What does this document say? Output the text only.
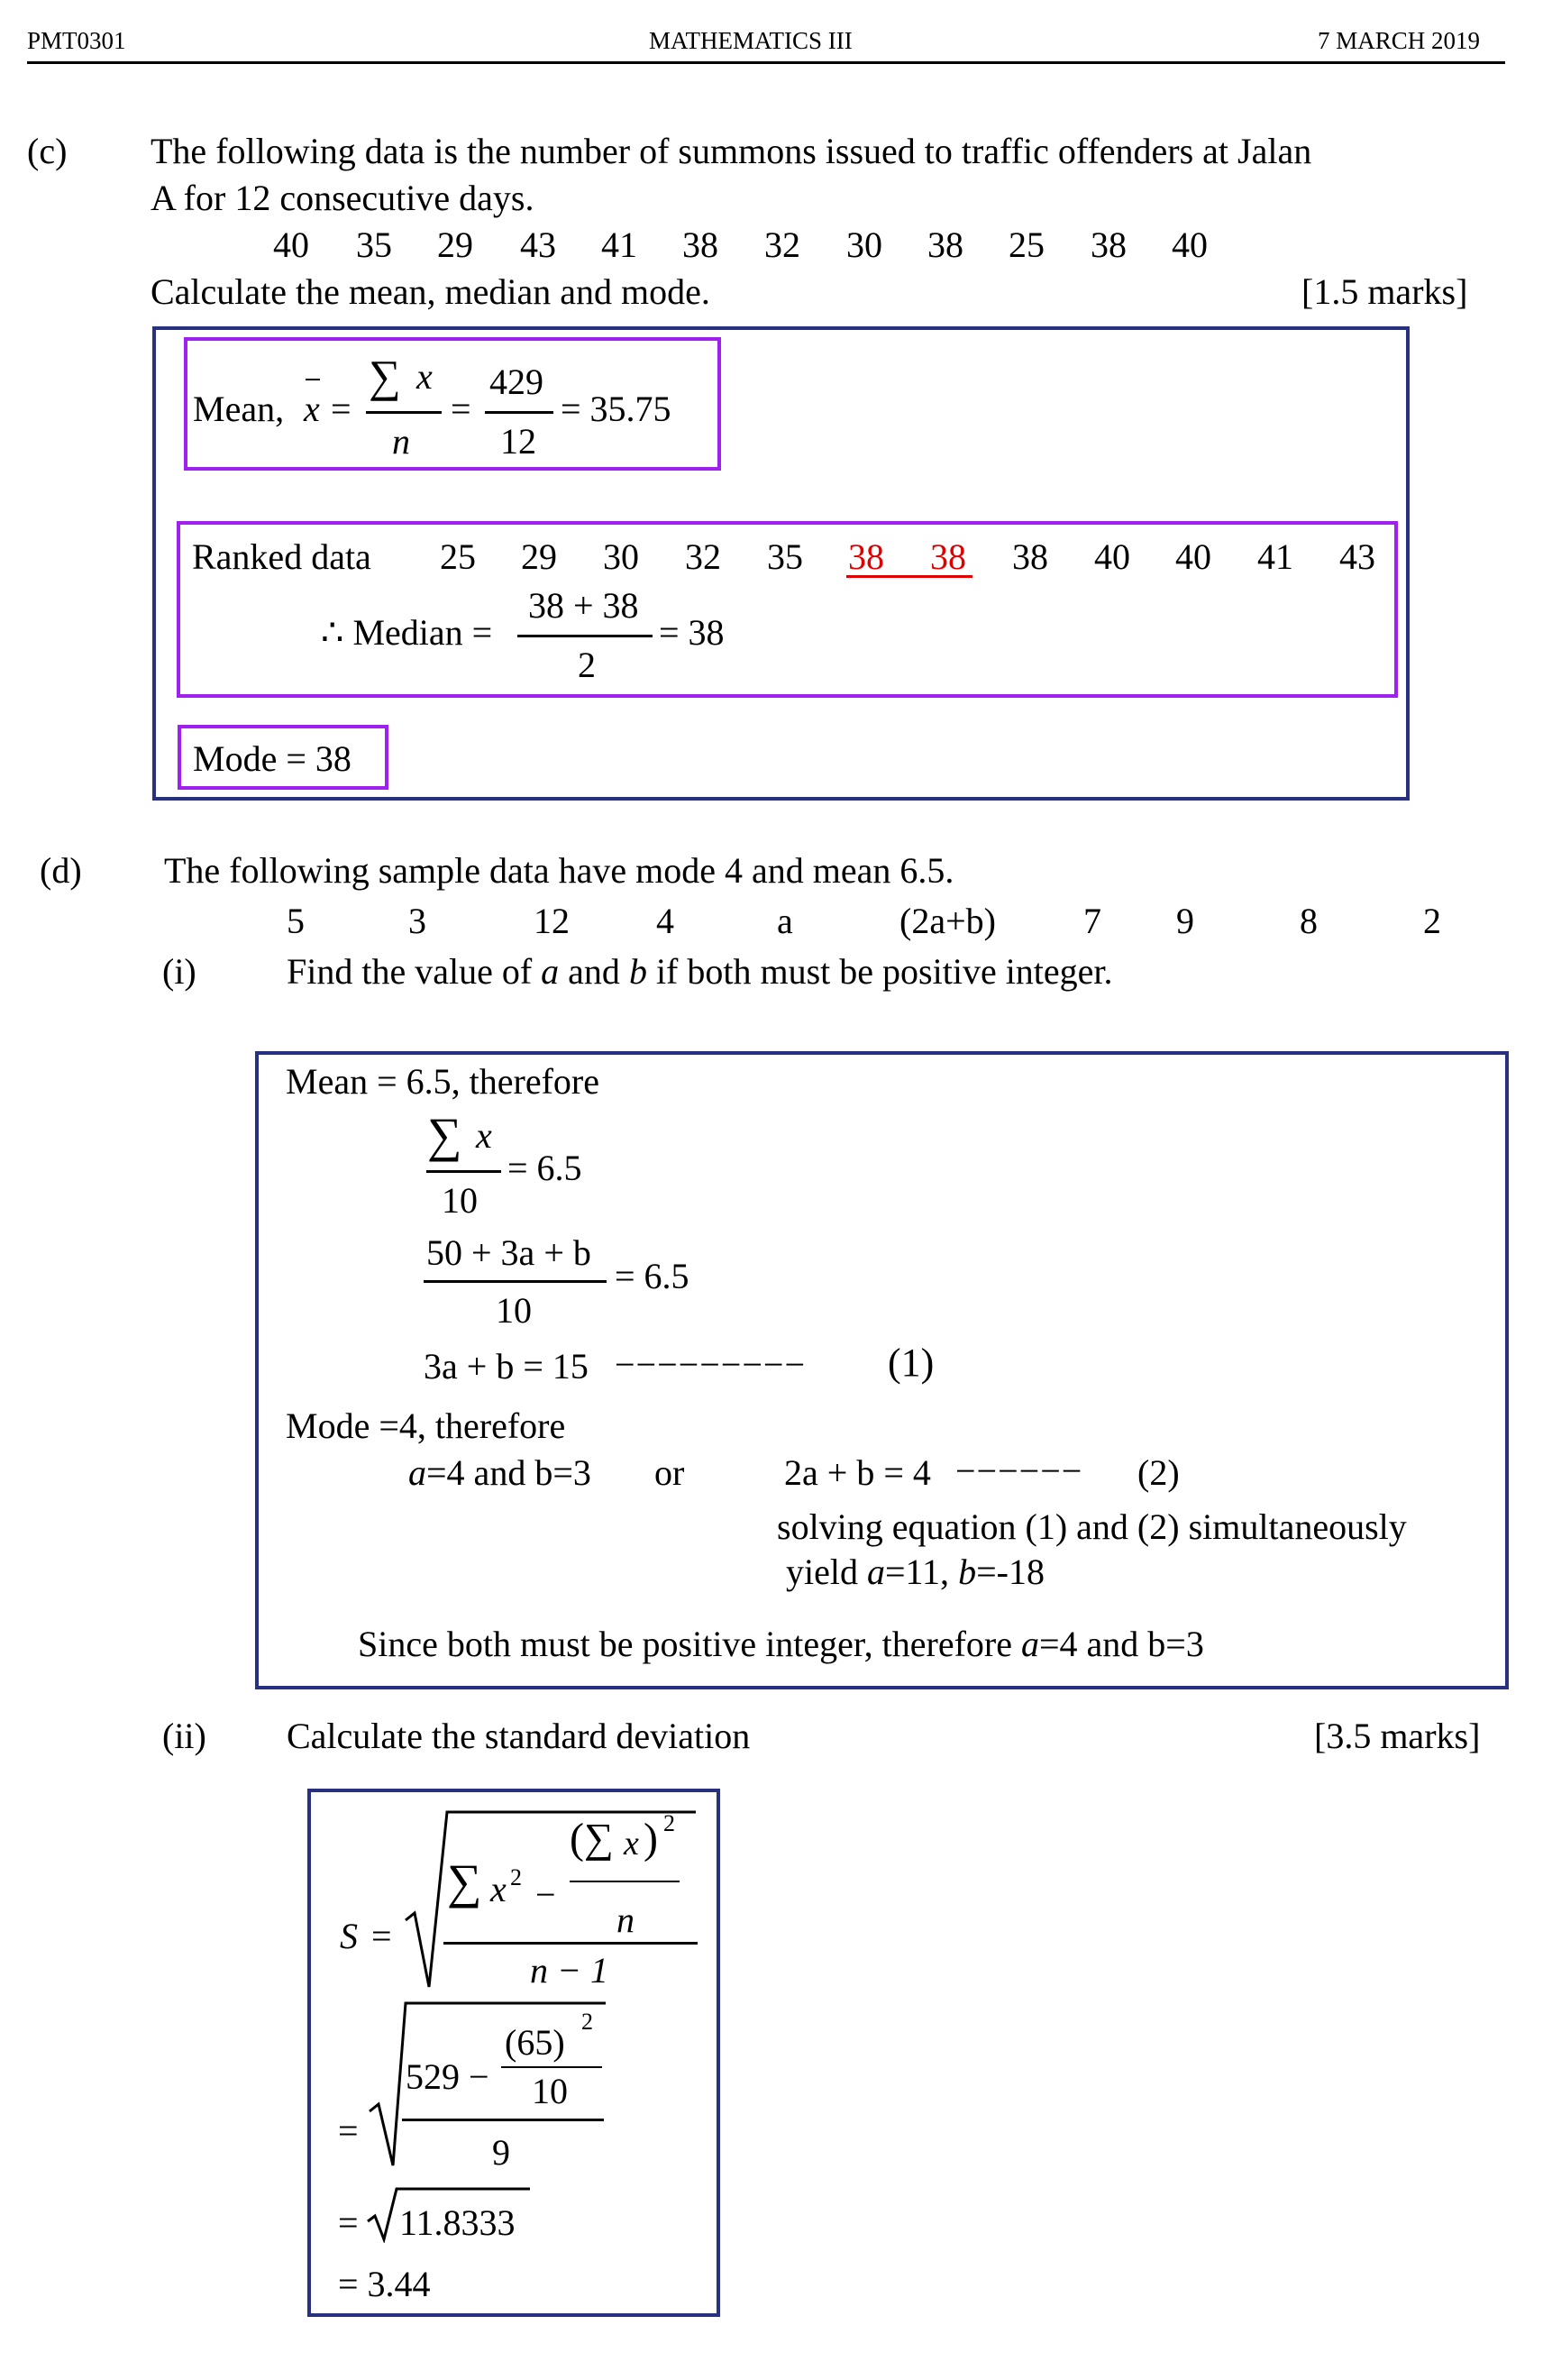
PMT0301	MATHEMATICS III	7 MARCH 2019
(c) The following data is the number of summons issued to traffic offenders at Jalan
A for 12 consecutive days.
40 35 29 43 41 38 32 30 38 25 38 40
Calculate the mean, median and mode.	[1.5 marks]
Mean, x =
∑ x
n
=
429
12
= 35.75
Ranked data 25 29 30 32 35 38 38 38 40 40 41 43
∴ Median =
38 + 38
2
= 38
Mode = 38
(d) The following sample data have mode 4 and mean 6.5.
5	3	12 4	a	(2a+b) 7 9	8	2
(i)	Find the value of a and b if both must be positive integer.
Mean = 6.5, therefore
∑ x
10
= 6.5
50 + 3a + b
10
= 6.5
3a + b = 15 −−−−−−−−− (1)
Mode =4, therefore
a=4 and b=3 or	2a + b = 4 −−−−−− (2)
solving equation (1) and (2) simultaneously
yield a=11, b=-18
Since both must be positive integer, therefore a=4 and b=3
(ii) Calculate the standard deviation	[3.5 marks]
S =
∑ x 2 −
( ∑ x ) 2
n
n − 1
=
529 −
(65)
2
10
9
= 11.8333
= 3.44
